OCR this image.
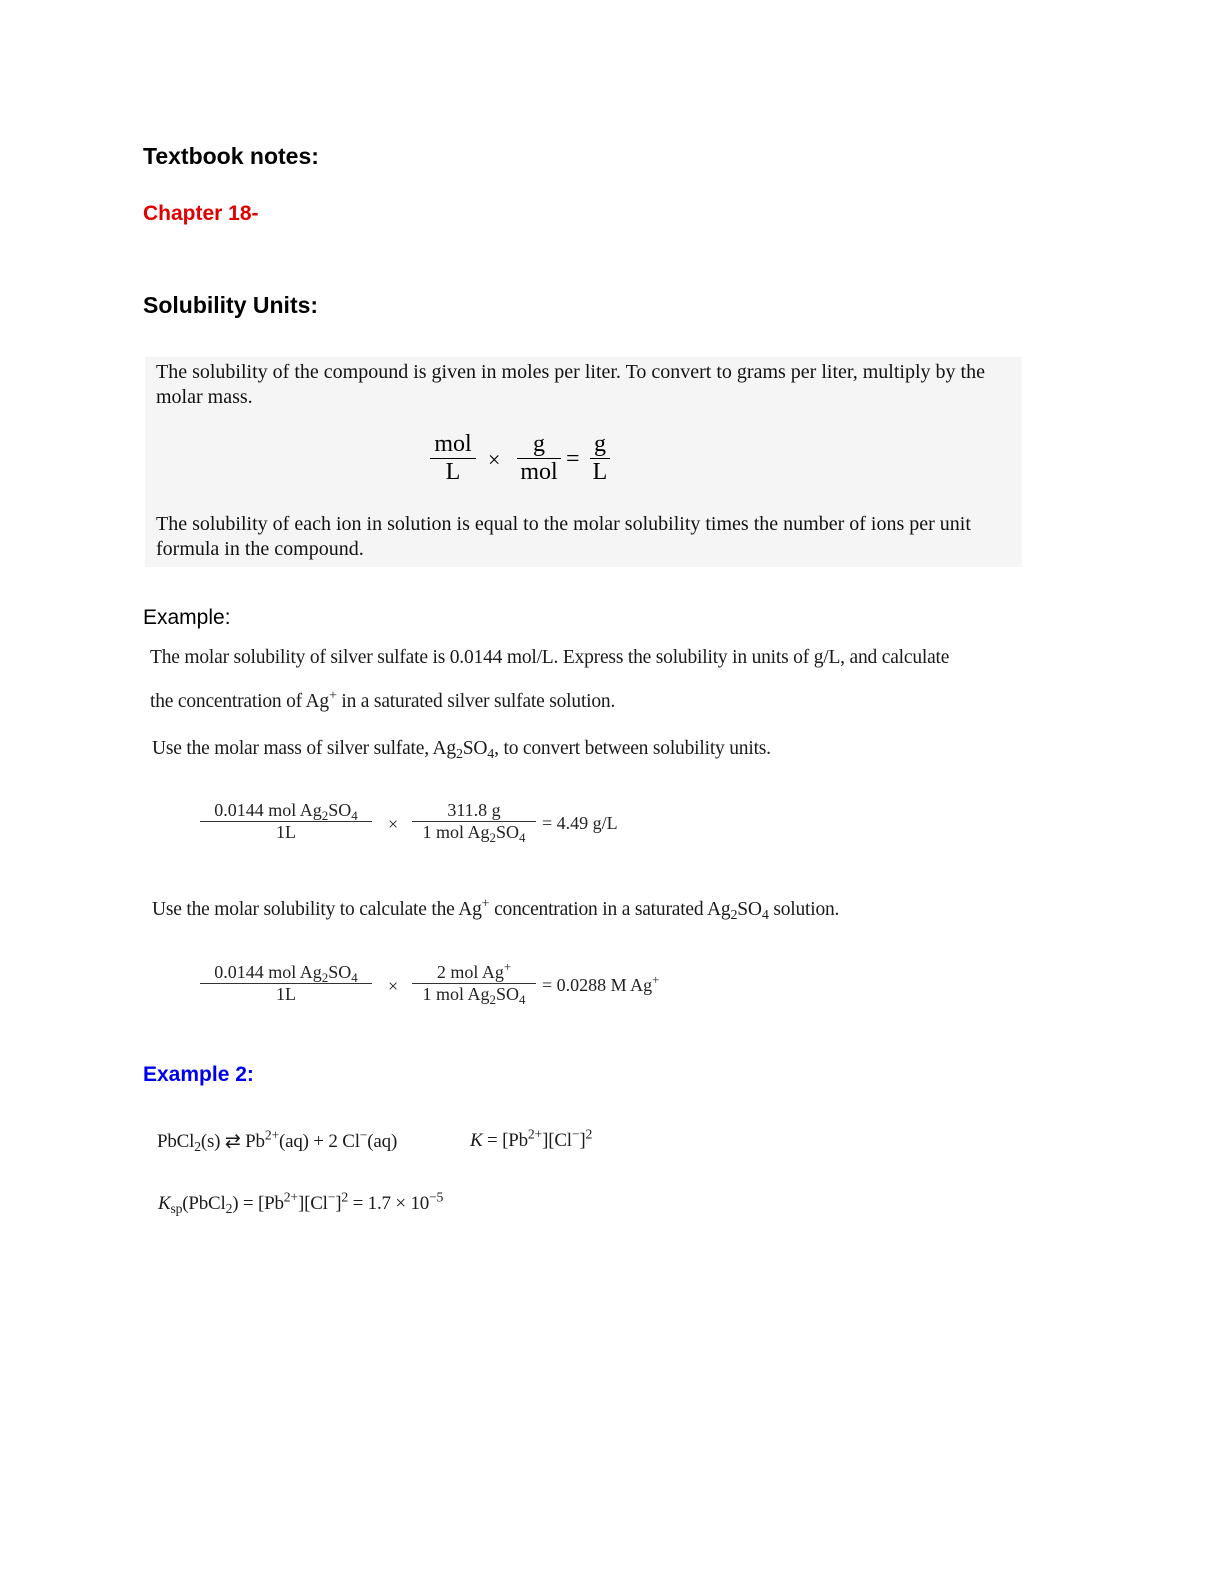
Textbook notes:
Chapter 18-
Solubility Units:
The solubility of the compound is given in moles per liter. To convert to grams per liter, multiply by the molar mass.
mol
L ×
g
mol =
g
L
The solubility of each ion in solution is equal to the molar solubility times the number of ions per unit formula in the compound.
Example:
The molar solubility of silver sulfate is 0.0144 mol/L. Express the solubility in units of g/L, and calculate
the concentration of Ag+ in a saturated silver sulfate solution.
Use the molar mass of silver sulfate, $Ag_2SO_4$, to convert between solubility units.
0.0144 mol $Ag_2SO_4$
1L	×
311.8 g
1 mol $Ag_2SO_4$
= 4.49 g/L
Use the molar solubility to calculate the Ag+ concentration in a saturated $Ag_2SO_4$ solution.
0.0144 mol $Ag_2SO_4$
1L	×
2 mol Ag+
1 mol $Ag_2SO_4$
= 0.0288 M Ag+
Example 2:
PbCl$_2$(s) ⇄ $Pb^{2+}(aq) + 2$ Cl−(aq)	$K = [Pb^{2+}][Cl^-]^2$
$K_{sp}(PbCl_2) = [Pb^{2+}][Cl^-]^2 = 1.7 \times 10^{-5}$
